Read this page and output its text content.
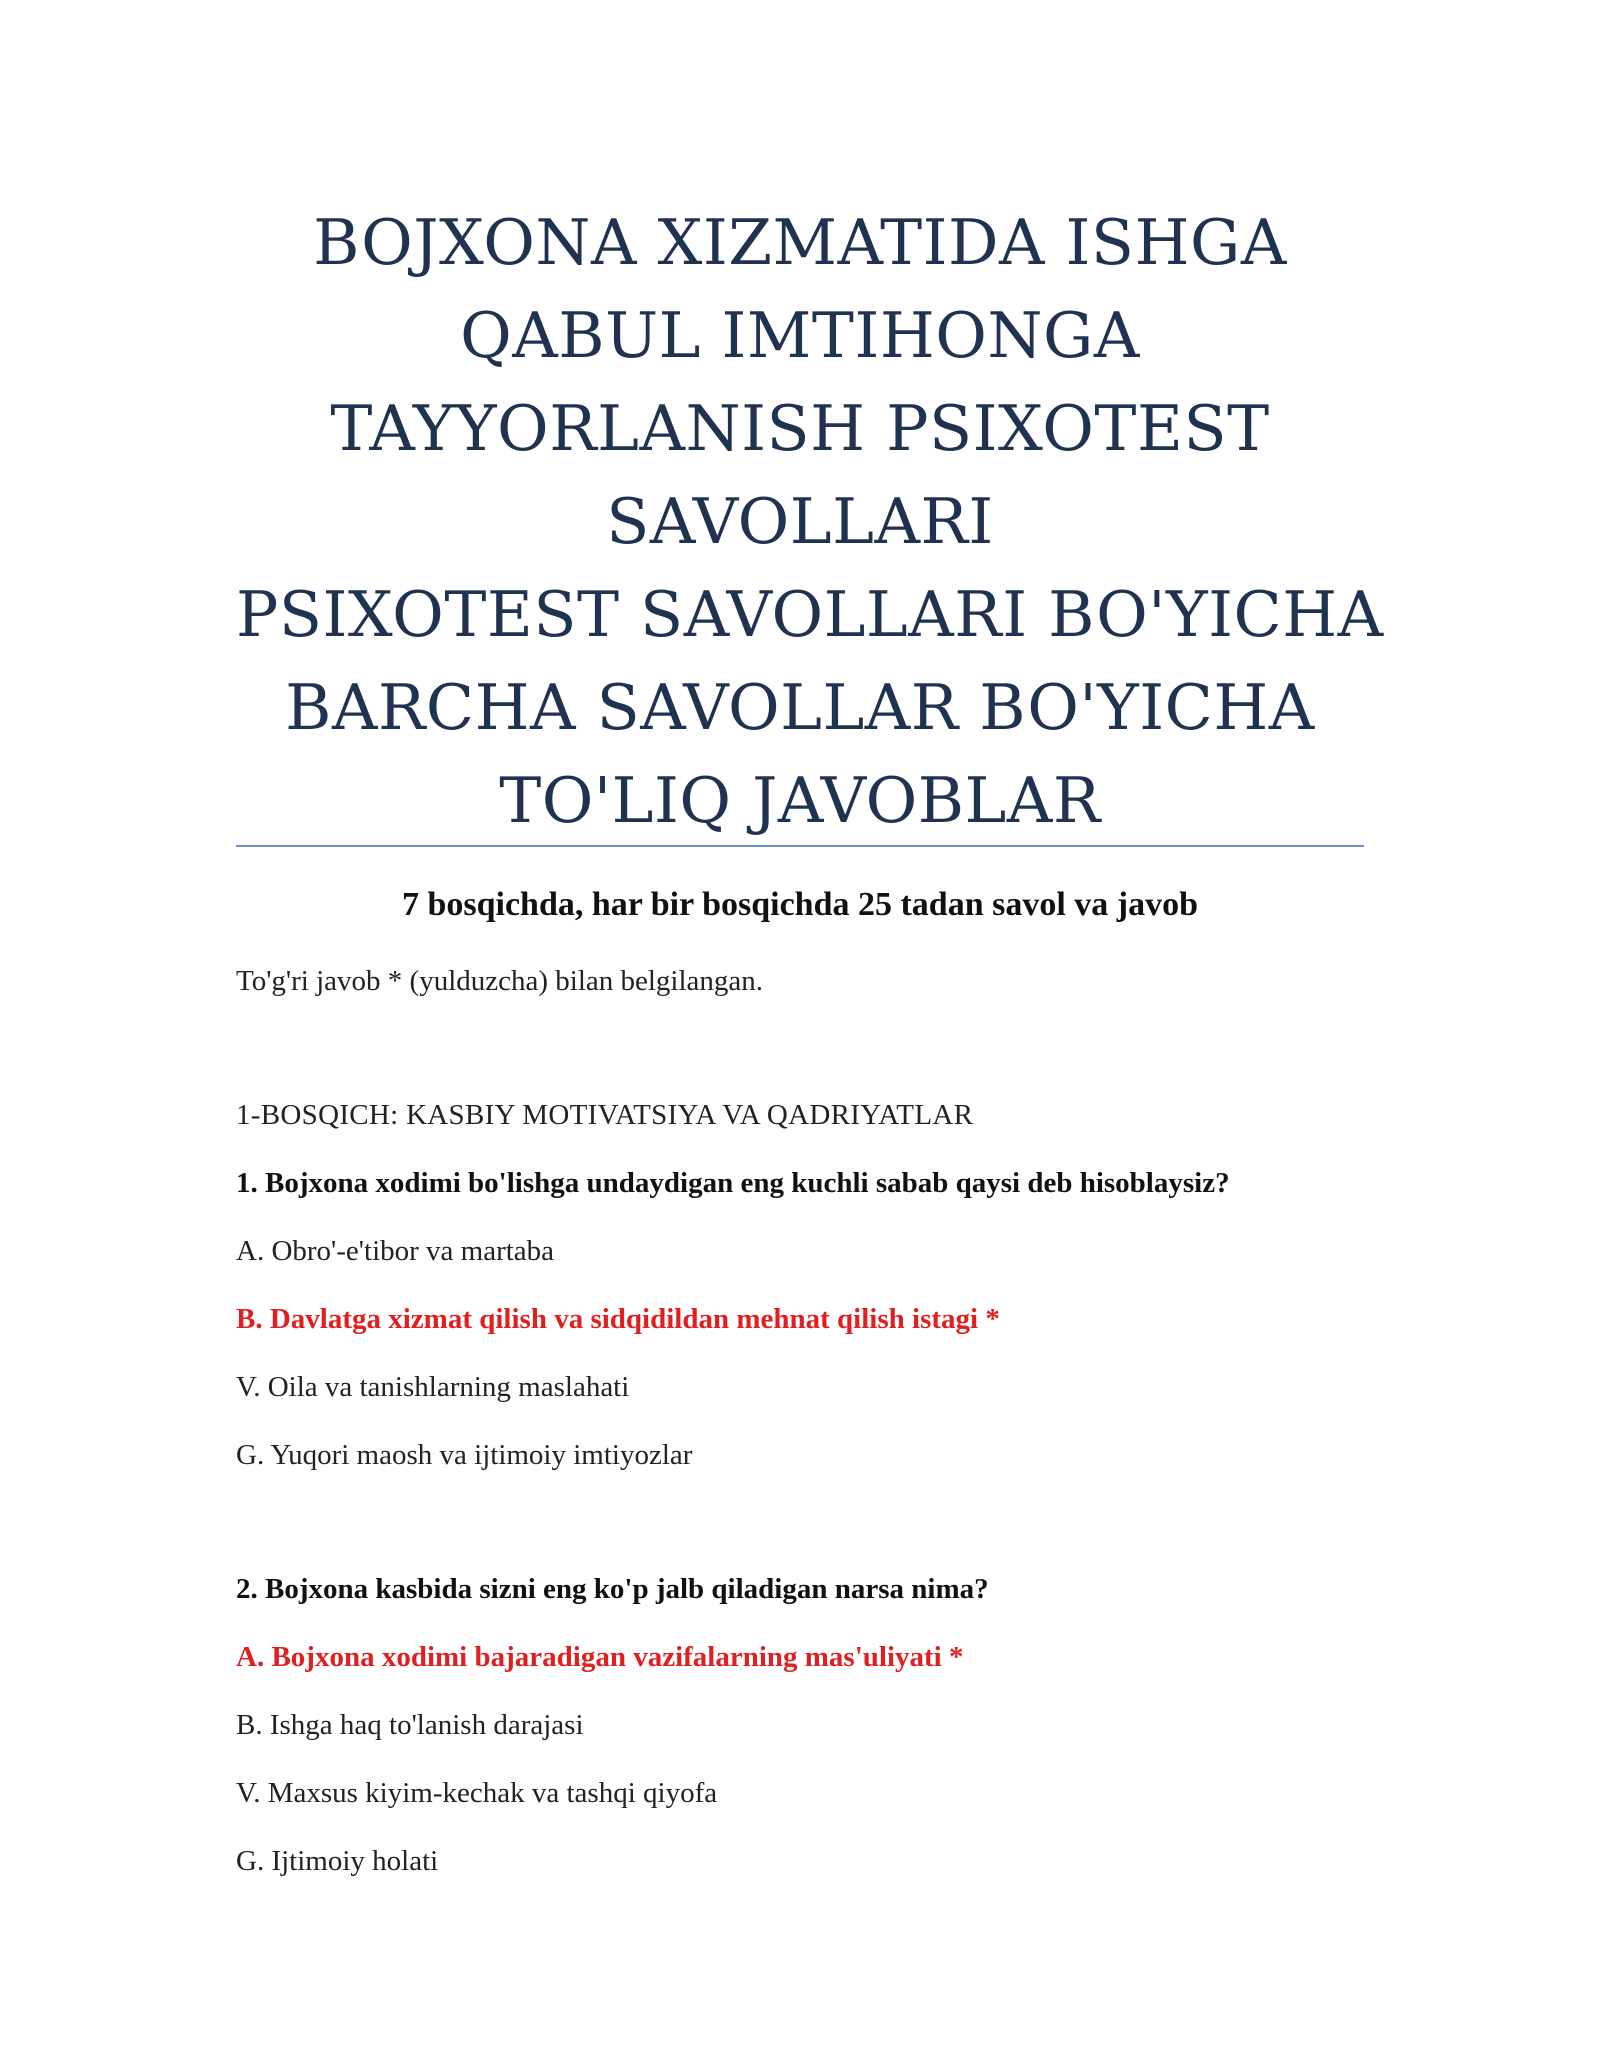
BOJXONA XIZMATIDA ISHGA
QABUL IMTIHONGA
TAYYORLANISH PSIXOTEST
SAVOLLARI
PSIXOTEST SAVOLLARI BO'YICHA
BARCHA SAVOLLAR BO'YICHA
TO'LIQ JAVOBLAR
7 bosqichda, har bir bosqichda 25 tadan savol va javob
To'g'ri javob * (yulduzcha) bilan belgilangan.
1-BOSQICH: KASBIY MOTIVATSIYA VA QADRIYATLAR
1. Bojxona xodimi bo'lishga undaydigan eng kuchli sabab qaysi deb hisoblaysiz?
A. Obro'-e'tibor va martaba
B. Davlatga xizmat qilish va sidqidildan mehnat qilish istagi *
V. Oila va tanishlarning maslahati
G. Yuqori maosh va ijtimoiy imtiyozlar
2. Bojxona kasbida sizni eng ko'p jalb qiladigan narsa nima?
A. Bojxona xodimi bajaradigan vazifalarning mas'uliyati *
B. Ishga haq to'lanish darajasi
V. Maxsus kiyim-kechak va tashqi qiyofa
G. Ijtimoiy holati
